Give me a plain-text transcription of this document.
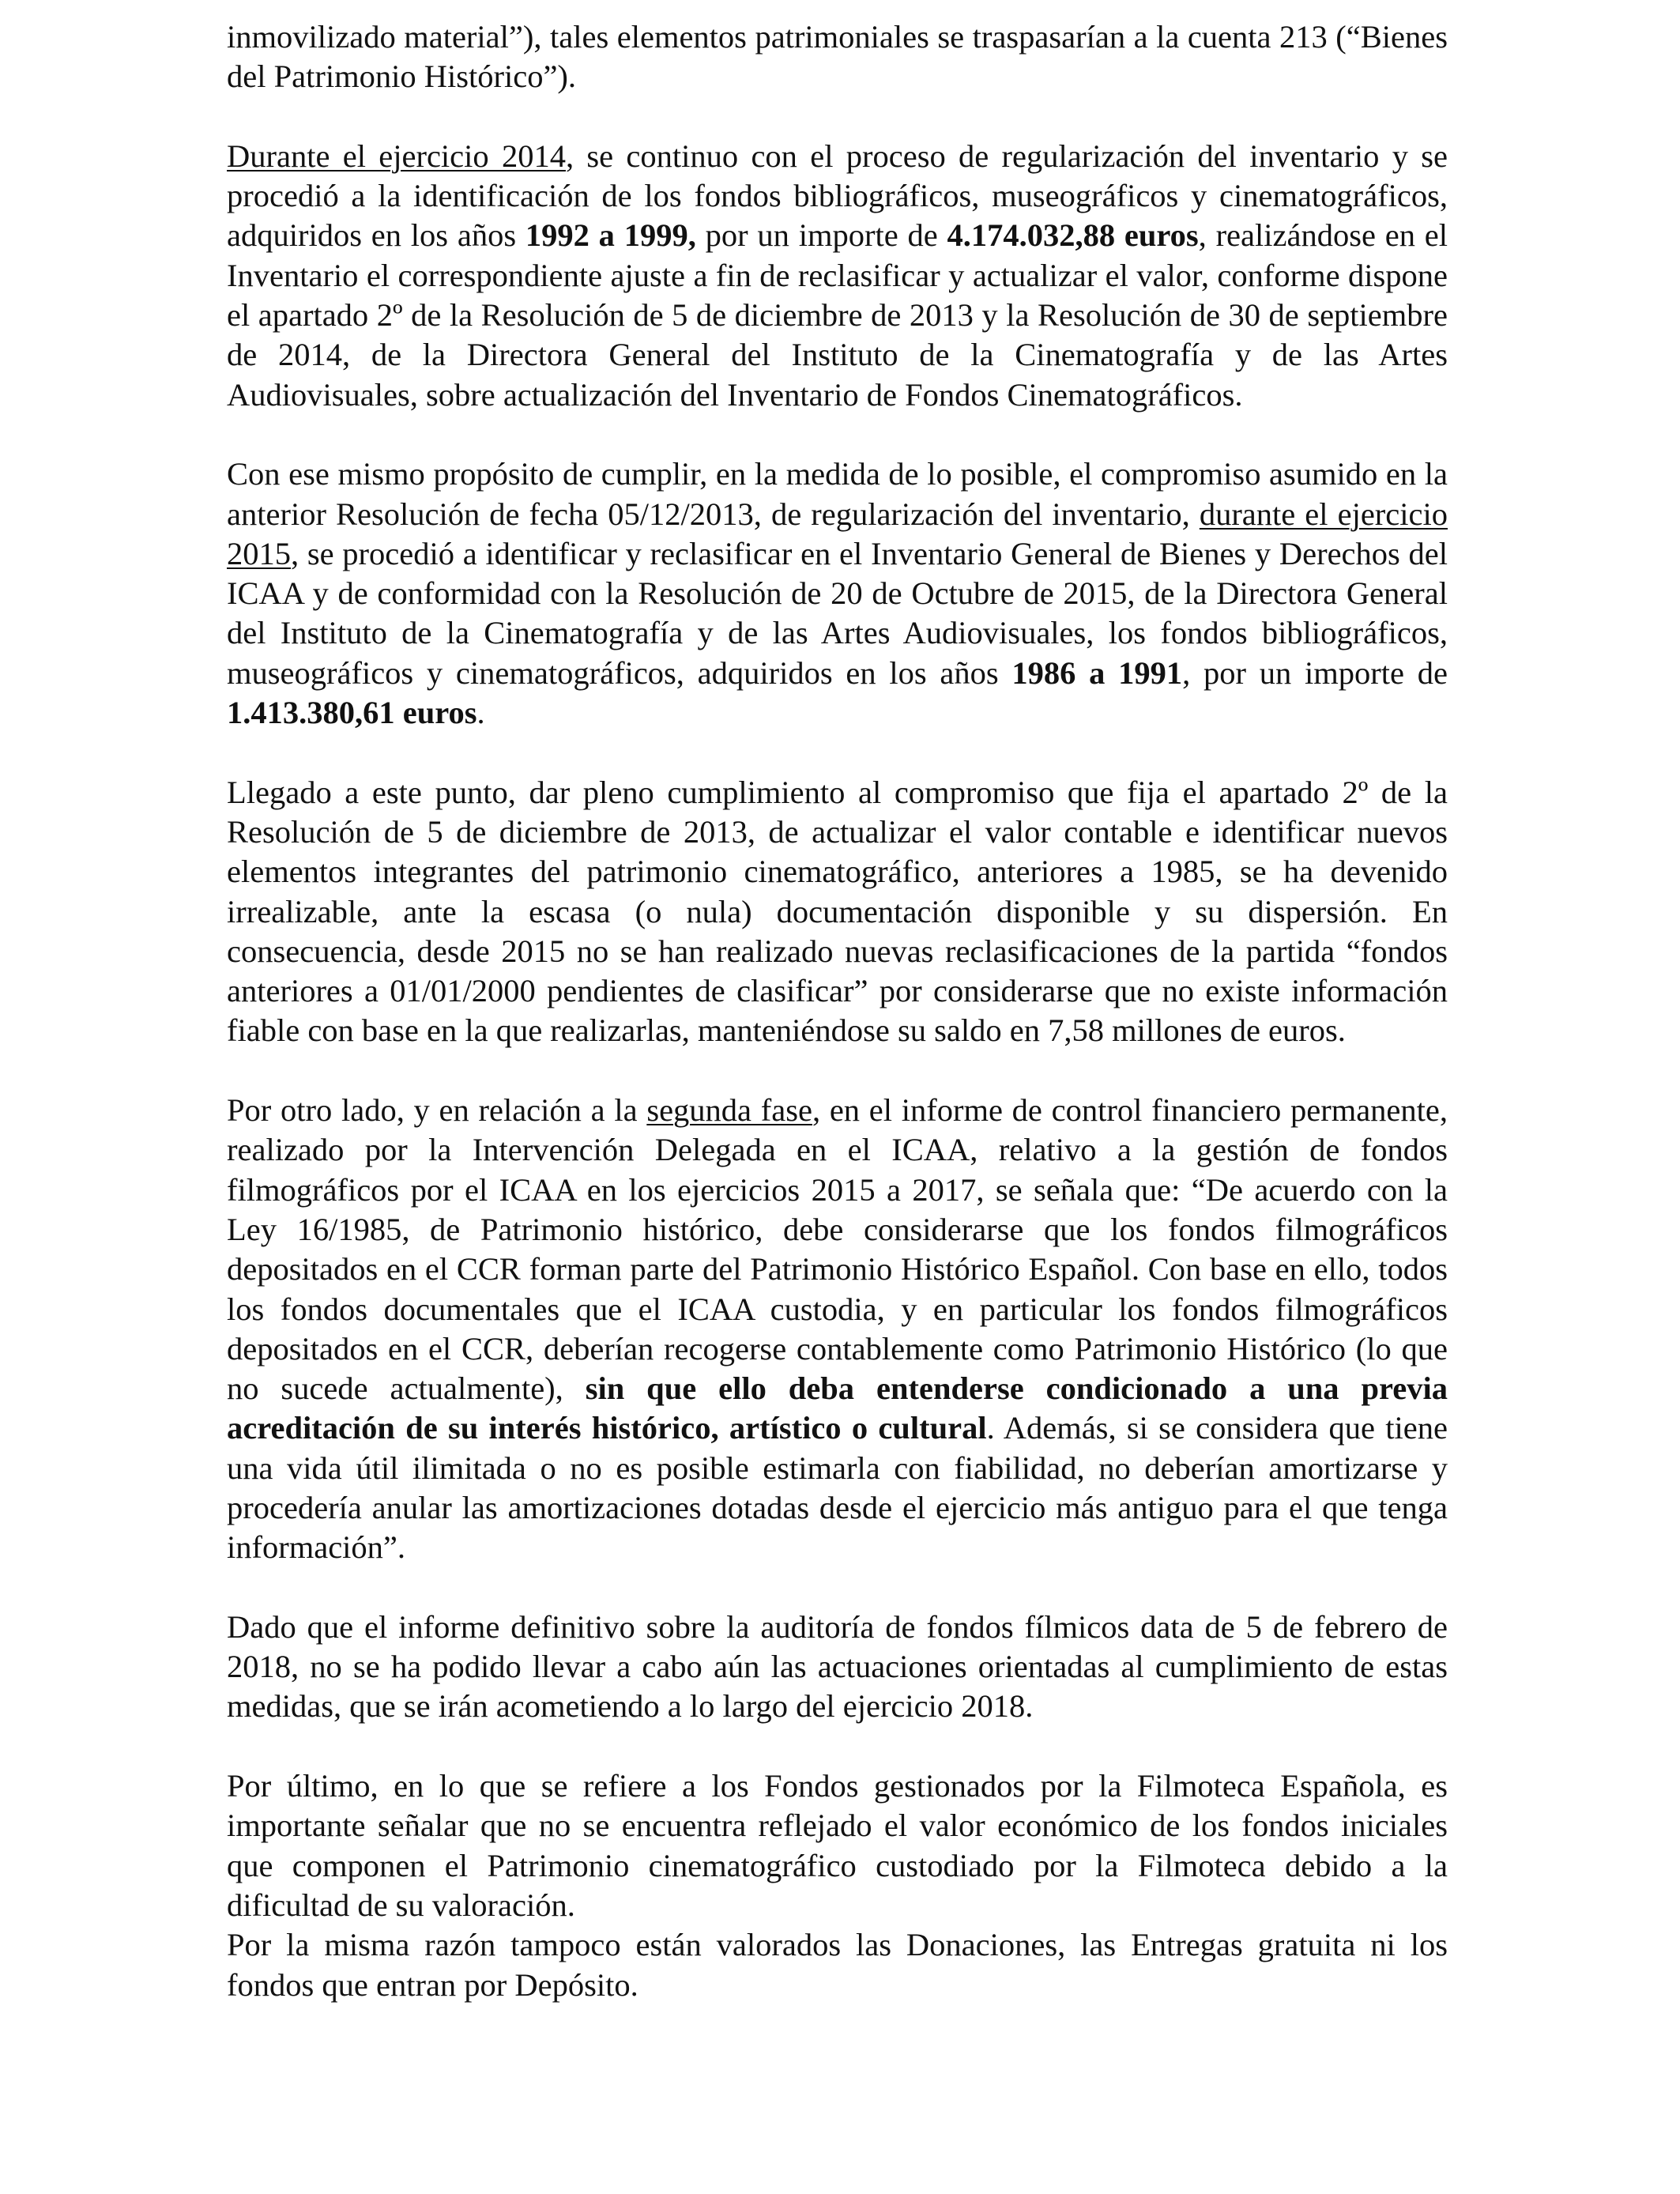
inmovilizado material”), tales elementos patrimoniales se traspasarían a la cuenta 213 (“Bienes del Patrimonio Histórico”).

Durante el ejercicio 2014, se continuo con el proceso de regularización del inventario y se procedió a la identificación de los fondos bibliográficos, museográficos y cinematográficos, adquiridos en los años 1992 a 1999, por un importe de 4.174.032,88 euros, realizándose en el Inventario el correspondiente ajuste a fin de reclasificar y actualizar el valor, conforme dispone el apartado 2º de la Resolución de 5 de diciembre de 2013 y la Resolución de 30 de septiembre de 2014, de la Directora General del Instituto de la Cinematografía y de las Artes Audiovisuales, sobre actualización del Inventario de Fondos Cinematográficos.

Con ese mismo propósito de cumplir, en la medida de lo posible, el compromiso asumido en la anterior Resolución de fecha 05/12/2013, de regularización del inventario, durante el ejercicio 2015, se procedió a identificar y reclasificar en el Inventario General de Bienes y Derechos del ICAA y de conformidad con la Resolución de 20 de Octubre de 2015, de la Directora General del Instituto de la Cinematografía y de las Artes Audiovisuales, los fondos bibliográficos, museográficos y cinematográficos, adquiridos en los años 1986 a 1991, por un importe de 1.413.380,61 euros.

Llegado a este punto, dar pleno cumplimiento al compromiso que fija el apartado 2º de la Resolución de 5 de diciembre de 2013, de actualizar el valor contable e identificar nuevos elementos integrantes del patrimonio cinematográfico, anteriores a 1985, se ha devenido irrealizable, ante la escasa (o nula) documentación disponible y su dispersión. En consecuencia, desde 2015 no se han realizado nuevas reclasificaciones de la partida “fondos anteriores a 01/01/2000 pendientes de clasificar” por considerarse que no existe información fiable con base en la que realizarlas, manteniéndose su saldo en 7,58 millones de euros.

Por otro lado, y en relación a la segunda fase, en el informe de control financiero permanente, realizado por la Intervención Delegada en el ICAA, relativo a la gestión de fondos filmográficos por el ICAA en los ejercicios 2015 a 2017, se señala que: “De acuerdo con la Ley 16/1985, de Patrimonio histórico, debe considerarse que los fondos filmográficos depositados en el CCR forman parte del Patrimonio Histórico Español. Con base en ello, todos los fondos documentales que el ICAA custodia, y en particular los fondos filmográficos depositados en el CCR, deberían recogerse contablemente como Patrimonio Histórico (lo que no sucede actualmente), sin que ello deba entenderse condicionado a una previa acreditación de su interés histórico, artístico o cultural. Además, si se considera que tiene una vida útil ilimitada o no es posible estimarla con fiabilidad, no deberían amortizarse y procedería anular las amortizaciones dotadas desde el ejercicio más antiguo para el que tenga información”.

Dado que el informe definitivo sobre la auditoría de fondos fílmicos data de 5 de febrero de 2018, no se ha podido llevar a cabo aún las actuaciones orientadas al cumplimiento de estas medidas, que se irán acometiendo a lo largo del ejercicio 2018.

Por último, en lo que se refiere a los Fondos gestionados por la Filmoteca Española, es importante señalar que no se encuentra reflejado el valor económico de los fondos iniciales que componen el Patrimonio cinematográfico custodiado por la Filmoteca debido a la dificultad de su valoración.

Por la misma razón tampoco están valorados las Donaciones, las Entregas gratuita ni los fondos que entran por Depósito.
